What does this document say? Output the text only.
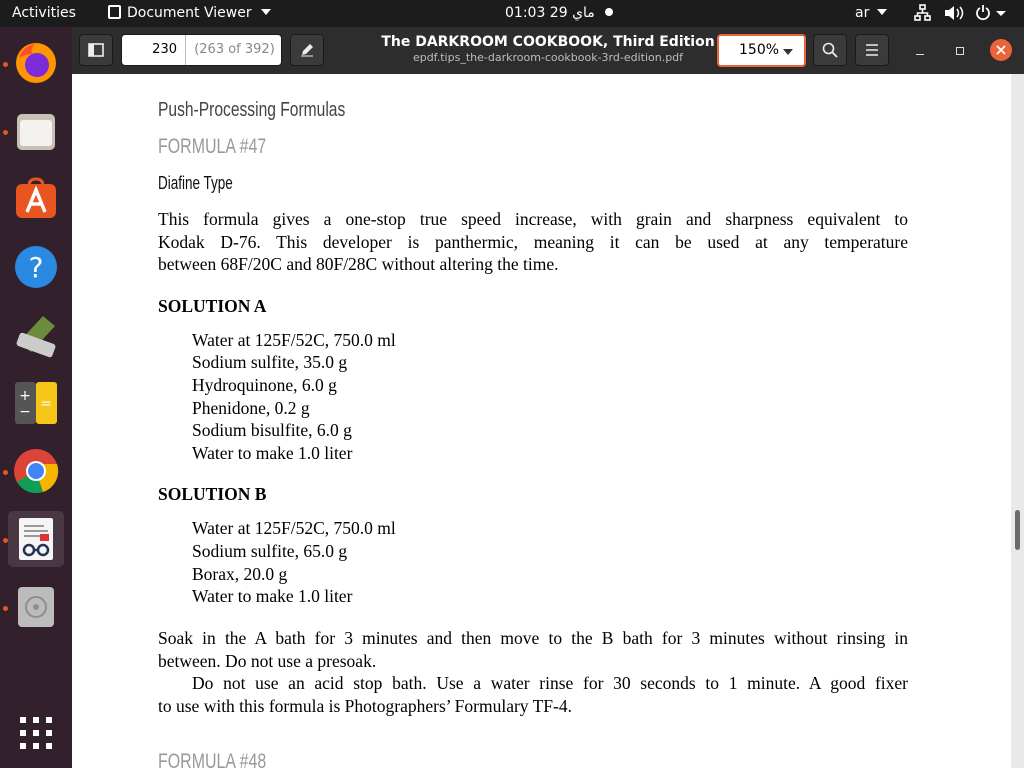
Activities	Document Viewer	01:03 29 ماي	ar
?
+
− =
230	(263 of 392)	The DARKROOM COOKBOOK, Third Edition
epdf.tips_the-darkroom-cookbook-3rd-edition.pdf	150%
Push-Processing Formulas
FORMULA #47
Diafine Type
This formula gives a one-stop true speed increase, with grain and sharpness equivalent to
Kodak D-76. This developer is panthermic, meaning it can be used at any temperature
between 68F/20C and 80F/28C without altering the time.
SOLUTION A
Water at 125F/52C, 750.0 ml
Sodium sulfite, 35.0 g
Hydroquinone, 6.0 g
Phenidone, 0.2 g
Sodium bisulfite, 6.0 g
Water to make 1.0 liter
SOLUTION B
Water at 125F/52C, 750.0 ml
Sodium sulfite, 65.0 g
Borax, 20.0 g
Water to make 1.0 liter
Soak in the A bath for 3 minutes and then move to the B bath for 3 minutes without rinsing in
between. Do not use a presoak.
Do not use an acid stop bath. Use a water rinse for 30 seconds to 1 minute. A good fixer
to use with this formula is Photographers’ Formulary TF-4.
FORMULA #48
